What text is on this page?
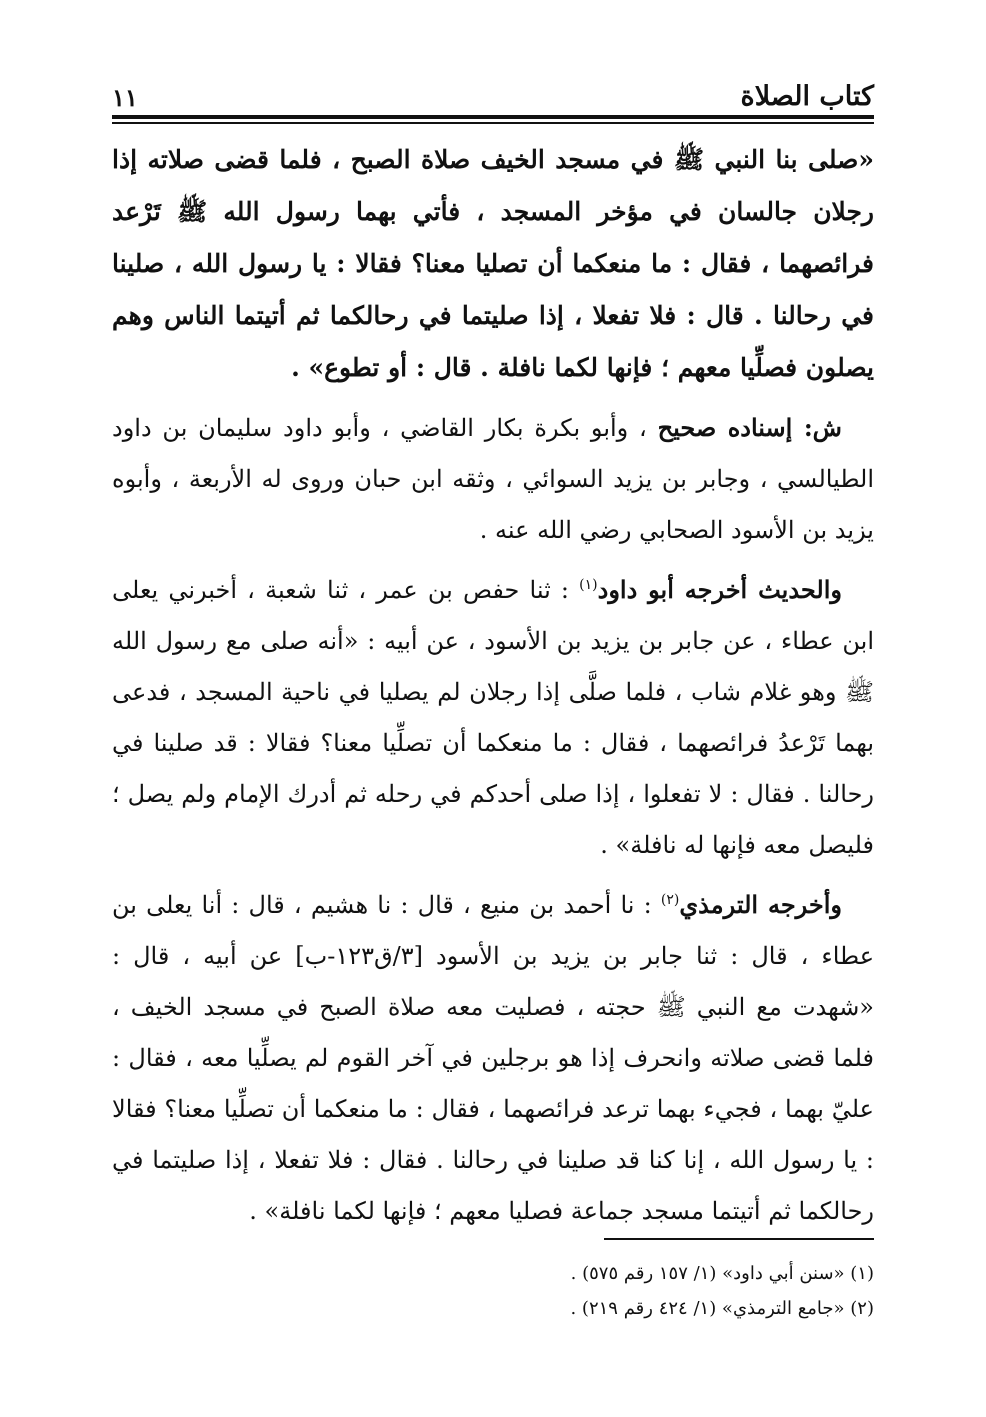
كتاب الصلاة
١١

«صلى بنا النبي ﷺ في مسجد الخيف صلاة الصبح ، فلما قضى صلاته إذا رجلان جالسان في مؤخر المسجد ، فأتي بهما رسول الله ﷺ تَرْعد فرائصهما ، فقال : ما منعكما أن تصليا معنا؟ فقالا : يا رسول الله ، صلينا في رحالنا . قال : فلا تفعلا ، إذا صليتما في رحالكما ثم أتيتما الناس وهم يصلون فصلِّيا معهم ؛ فإنها لكما نافلة . قال : أو تطوع» .

ش: إسناده صحيح ، وأبو بكرة بكار القاضي ، وأبو داود سليمان بن داود الطيالسي ، وجابر بن يزيد السوائي ، وثقه ابن حبان وروى له الأربعة ، وأبوه يزيد بن الأسود الصحابي رضي الله عنه .

والحديث أخرجه أبو داود$^{(١)}$ : ثنا حفص بن عمر ، ثنا شعبة ، أخبرني يعلى ابن عطاء ، عن جابر بن يزيد بن الأسود ، عن أبيه : «أنه صلى مع رسول الله ﷺ وهو غلام شاب ، فلما صلَّى إذا رجلان لم يصليا في ناحية المسجد ، فدعى بهما تَرْعدُ فرائصهما ، فقال : ما منعكما أن تصلِّيا معنا؟ فقالا : قد صلينا في رحالنا . فقال : لا تفعلوا ، إذا صلى أحدكم في رحله ثم أدرك الإمام ولم يصل ؛ فليصل معه فإنها له نافلة» .

وأخرجه الترمذي$^{(٢)}$ : نا أحمد بن منيع ، قال : نا هشيم ، قال : أنا يعلى بن عطاء ، قال : ثنا جابر بن يزيد بن الأسود [٣/ق١٢٣-ب] عن أبيه ، قال : «شهدت مع النبي ﷺ حجته ، فصليت معه صلاة الصبح في مسجد الخيف ، فلما قضى صلاته وانحرف إذا هو برجلين في آخر القوم لم يصلِّيا معه ، فقال : عليّ بهما ، فجيء بهما ترعد فرائصهما ، فقال : ما منعكما أن تصلِّيا معنا؟ فقالا : يا رسول الله ، إنا كنا قد صلينا في رحالنا . فقال : فلا تفعلا ، إذا صليتما في رحالكما ثم أتيتما مسجد جماعة فصليا معهم ؛ فإنها لكما نافلة» .

(١) «سنن أبي داود» (١/ ١٥٧ رقم ٥٧٥) .

(٢) «جامع الترمذي» (١/ ٤٢٤ رقم ٢١٩) .
